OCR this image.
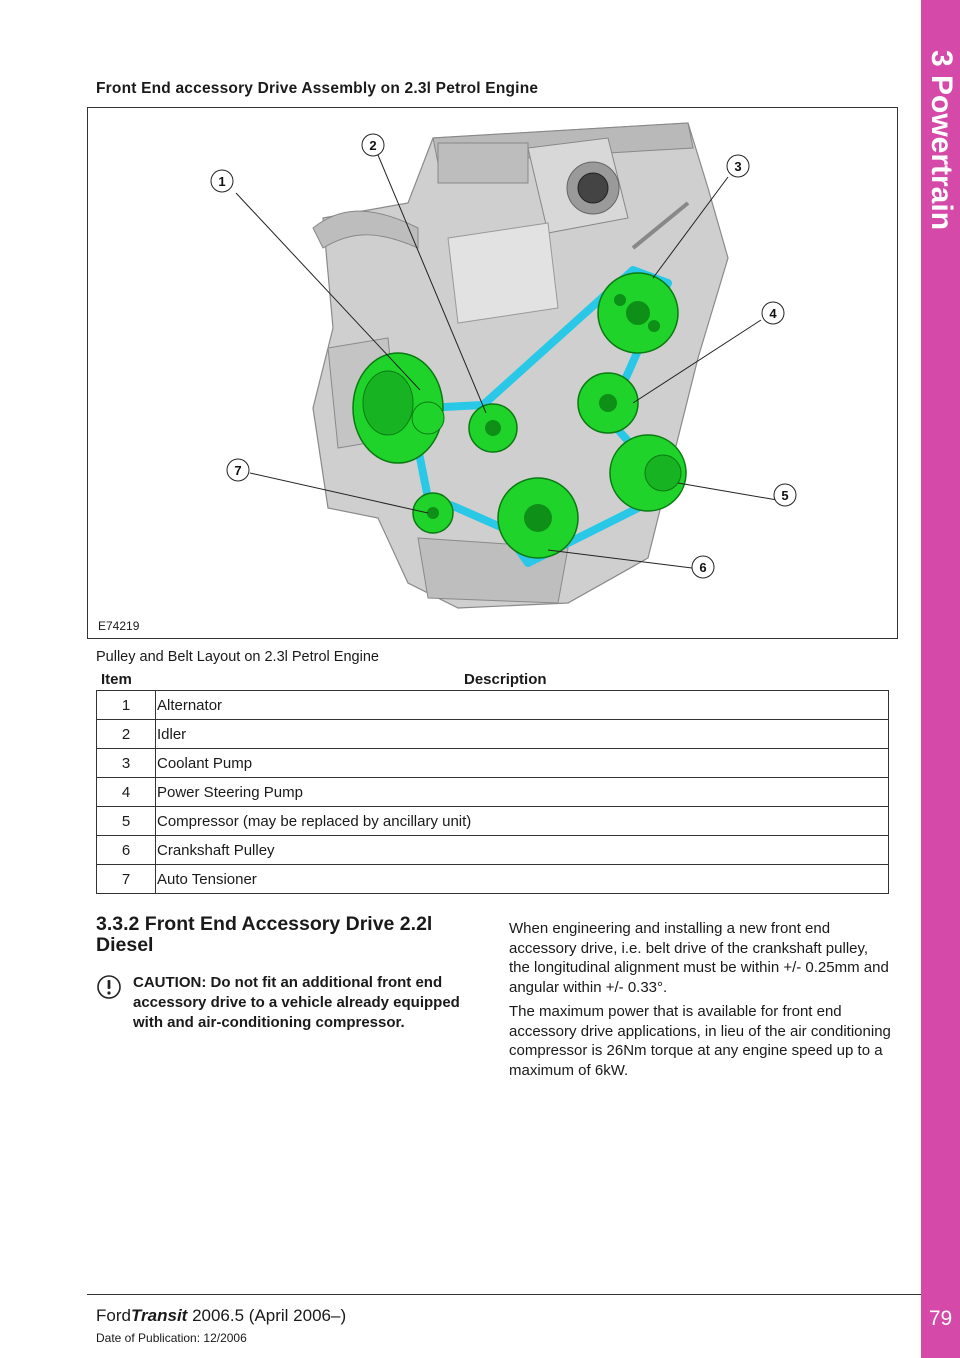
3 Powertrain
79
Front End accessory Drive Assembly on 2.3l Petrol Engine
1
2
3
4
5
6
7
E74219
Pulley and Belt Layout on 2.3l Petrol Engine
Item	Description
1	Alternator
2	Idler
3	Coolant Pump
4	Power Steering Pump
5	Compressor (may be replaced by ancillary unit)
6	Crankshaft Pulley
7	Auto Tensioner
3.3.2 Front End Accessory Drive 2.2l Diesel
CAUTION: Do not fit an additional front end accessory drive to a vehicle already equipped with and air-conditioning compressor.
When engineering and installing a new front end accessory drive, i.e. belt drive of the crankshaft pulley, the longitudinal alignment must be within +/- 0.25mm and angular within +/- 0.33°.
The maximum power that is available for front end accessory drive applications, in lieu of the air conditioning compressor is 26Nm torque at any engine speed up to a maximum of 6kW.
FordTransit 2006.5 (April 2006–)
Date of Publication: 12/2006
